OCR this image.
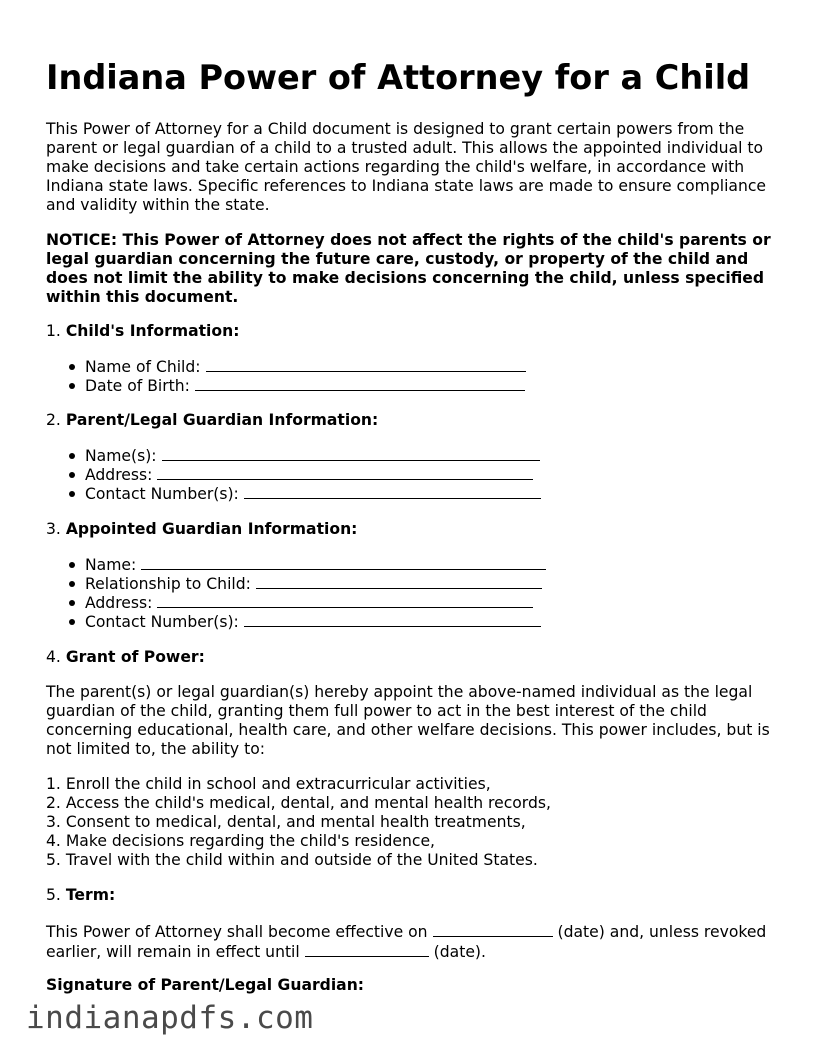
Indiana Power of Attorney for a Child

This Power of Attorney for a Child document is designed to grant certain powers from the parent or legal guardian of a child to a trusted adult. This allows the appointed individual to make decisions and take certain actions regarding the child's welfare, in accordance with Indiana state laws. Specific references to Indiana state laws are made to ensure compliance and validity within the state.

NOTICE: This Power of Attorney does not affect the rights of the child's parents or legal guardian concerning the future care, custody, or property of the child and does not limit the ability to make decisions concerning the child, unless specified within this document.

1. Child's Information:
Name of Child:
Date of Birth:
2. Parent/Legal Guardian Information:
Name(s):
Address:
Contact Number(s):
3. Appointed Guardian Information:
Name:
Relationship to Child:
Address:
Contact Number(s):
4. Grant of Power:

The parent(s) or legal guardian(s) hereby appoint the above-named individual as the legal guardian of the child, granting them full power to act in the best interest of the child concerning educational, health care, and other welfare decisions. This power includes, but is not limited to, the ability to:

1. Enroll the child in school and extracurricular activities,
2. Access the child's medical, dental, and mental health records,
3. Consent to medical, dental, and mental health treatments,
4. Make decisions regarding the child's residence,
5. Travel with the child within and outside of the United States.
5. Term:

This Power of Attorney shall become effective on	(date) and, unless revoked earlier, will remain in effect until	(date).

Signature of Parent/Legal Guardian:
indianapdfs.com
